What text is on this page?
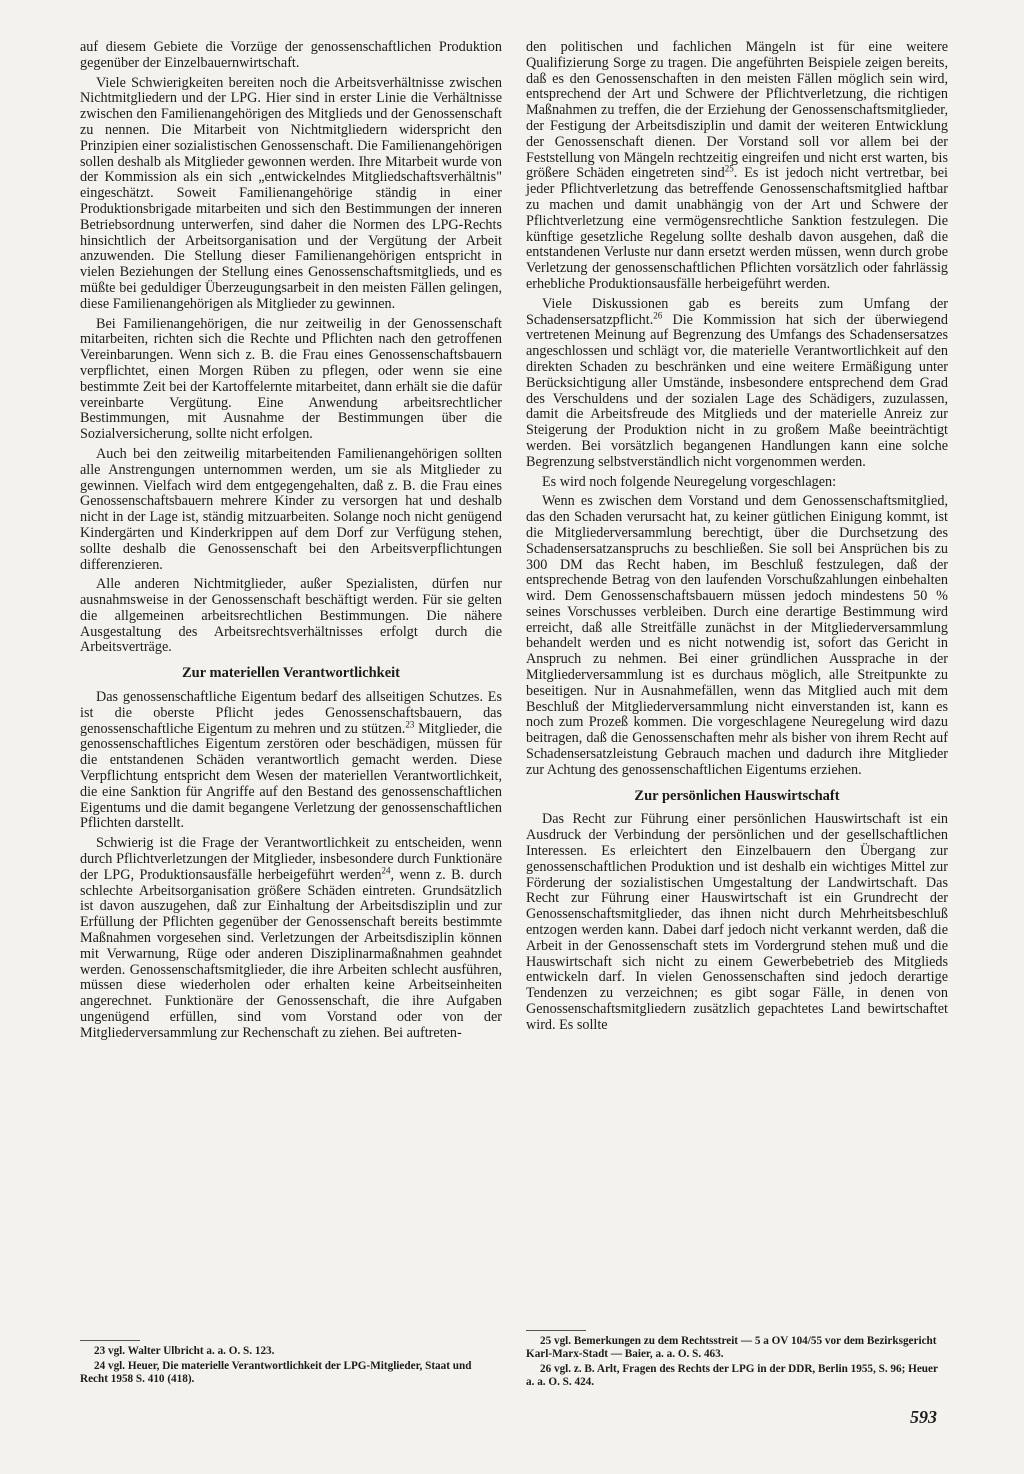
auf diesem Gebiete die Vorzüge der genossenschaftlichen Produktion gegenüber der Einzelbauernwirtschaft.

Viele Schwierigkeiten bereiten noch die Arbeitsverhältnisse zwischen Nichtmitgliedern und der LPG. Hier sind in erster Linie die Verhältnisse zwischen den Familienangehörigen des Mitglieds und der Genossenschaft zu nennen. Die Mitarbeit von Nichtmitgliedern widerspricht den Prinzipien einer sozialistischen Genossenschaft. Die Familienangehörigen sollen deshalb als Mitglieder gewonnen werden. Ihre Mitarbeit wurde von der Kommission als ein sich „entwickelndes Mitgliedschaftsverhältnis" eingeschätzt. Soweit Familienangehörige ständig in einer Produktionsbrigade mitarbeiten und sich den Bestimmungen der inneren Betriebsordnung unterwerfen, sind daher die Normen des LPG-Rechts hinsichtlich der Arbeitsorganisation und der Vergütung der Arbeit anzuwenden. Die Stellung dieser Familienangehörigen entspricht in vielen Beziehungen der Stellung eines Genossenschaftsmitglieds, und es müßte bei geduldiger Überzeugungsarbeit in den meisten Fällen gelingen, diese Familienangehörigen als Mitglieder zu gewinnen.

Bei Familienangehörigen, die nur zeitweilig in der Genossenschaft mitarbeiten, richten sich die Rechte und Pflichten nach den getroffenen Vereinbarungen. Wenn sich z. B. die Frau eines Genossenschaftsbauern verpflichtet, einen Morgen Rüben zu pflegen, oder wenn sie eine bestimmte Zeit bei der Kartoffelernte mitarbeitet, dann erhält sie die dafür vereinbarte Vergütung. Eine Anwendung arbeitsrechtlicher Bestimmungen, mit Ausnahme der Bestimmungen über die Sozialversicherung, sollte nicht erfolgen.

Auch bei den zeitweilig mitarbeitenden Familienangehörigen sollten alle Anstrengungen unternommen werden, um sie als Mitglieder zu gewinnen. Vielfach wird dem entgegengehalten, daß z. B. die Frau eines Genossenschaftsbauern mehrere Kinder zu versorgen hat und deshalb nicht in der Lage ist, ständig mitzuarbeiten. Solange noch nicht genügend Kindergärten und Kinderkrippen auf dem Dorf zur Verfügung stehen, sollte deshalb die Genossenschaft bei den Arbeitsverpflichtungen differenzieren.

Alle anderen Nichtmitglieder, außer Spezialisten, dürfen nur ausnahmsweise in der Genossenschaft beschäftigt werden. Für sie gelten die allgemeinen arbeitsrechtlichen Bestimmungen. Die nähere Ausgestaltung des Arbeitsrechtsverhältnisses erfolgt durch die Arbeitsverträge.

Zur materiellen Verantwortlichkeit

Das genossenschaftliche Eigentum bedarf des allseitigen Schutzes. Es ist die oberste Pflicht jedes Genossenschaftsbauern, das genossenschaftliche Eigentum zu mehren und zu stützen.$^{23}$ Mitglieder, die genossenschaftliches Eigentum zerstören oder beschädigen, müssen für die entstandenen Schäden verantwortlich gemacht werden. Diese Verpflichtung entspricht dem Wesen der materiellen Verantwortlichkeit, die eine Sanktion für Angriffe auf den Bestand des genossenschaftlichen Eigentums und die damit begangene Verletzung der genossenschaftlichen Pflichten darstellt.

Schwierig ist die Frage der Verantwortlichkeit zu entscheiden, wenn durch Pflichtverletzungen der Mitglieder, insbesondere durch Funktionäre der LPG, Produktionsausfälle herbeigeführt werden$^{24}$, wenn z. B. durch schlechte Arbeitsorganisation größere Schäden eintreten. Grundsätzlich ist davon auszugehen, daß zur Einhaltung der Arbeitsdisziplin und zur Erfüllung der Pflichten gegenüber der Genossenschaft bereits bestimmte Maßnahmen vorgesehen sind. Verletzungen der Arbeitsdisziplin können mit Verwarnung, Rüge oder anderen Disziplinarmaßnahmen geahndet werden. Genossenschaftsmitglieder, die ihre Arbeiten schlecht ausführen, müssen diese wiederholen oder erhalten keine Arbeitseinheiten angerechnet. Funktionäre der Genossenschaft, die ihre Aufgaben ungenügend erfüllen, sind vom Vorstand oder von der Mitgliederversammlung zur Rechenschaft zu ziehen. Bei auftreten-

den politischen und fachlichen Mängeln ist für eine weitere Qualifizierung Sorge zu tragen. Die angeführten Beispiele zeigen bereits, daß es den Genossenschaften in den meisten Fällen möglich sein wird, entsprechend der Art und Schwere der Pflichtverletzung, die richtigen Maßnahmen zu treffen, die der Erziehung der Genossenschaftsmitglieder, der Festigung der Arbeitsdisziplin und damit der weiteren Entwicklung der Genossenschaft dienen. Der Vorstand soll vor allem bei der Feststellung von Mängeln rechtzeitig eingreifen und nicht erst warten, bis größere Schäden eingetreten sind$^{25}$. Es ist jedoch nicht vertretbar, bei jeder Pflichtverletzung das betreffende Genossenschaftsmitglied haftbar zu machen und damit unabhängig von der Art und Schwere der Pflichtverletzung eine vermögensrechtliche Sanktion festzulegen. Die künftige gesetzliche Regelung sollte deshalb davon ausgehen, daß die entstandenen Verluste nur dann ersetzt werden müssen, wenn durch grobe Verletzung der genossenschaftlichen Pflichten vorsätzlich oder fahrlässig erhebliche Produktionsausfälle herbeigeführt werden.

Viele Diskussionen gab es bereits zum Umfang der Schadensersatzpflicht.$^{26}$ Die Kommission hat sich der überwiegend vertretenen Meinung auf Begrenzung des Umfangs des Schadensersatzes angeschlossen und schlägt vor, die materielle Verantwortlichkeit auf den direkten Schaden zu beschränken und eine weitere Ermäßigung unter Berücksichtigung aller Umstände, insbesondere entsprechend dem Grad des Verschuldens und der sozialen Lage des Schädigers, zuzulassen, damit die Arbeitsfreude des Mitglieds und der materielle Anreiz zur Steigerung der Produktion nicht in zu großem Maße beeinträchtigt werden. Bei vorsätzlich begangenen Handlungen kann eine solche Begrenzung selbstverständlich nicht vorgenommen werden.

Es wird noch folgende Neuregelung vorgeschlagen:

Wenn es zwischen dem Vorstand und dem Genossenschaftsmitglied, das den Schaden verursacht hat, zu keiner gütlichen Einigung kommt, ist die Mitgliederversammlung berechtigt, über die Durchsetzung des Schadensersatzanspruchs zu beschließen. Sie soll bei Ansprüchen bis zu 300 DM das Recht haben, im Beschluß festzulegen, daß der entsprechende Betrag von den laufenden Vorschußzahlungen einbehalten wird. Dem Genossenschaftsbauern müssen jedoch mindestens 50 % seines Vorschusses verbleiben. Durch eine derartige Bestimmung wird erreicht, daß alle Streitfälle zunächst in der Mitgliederversammlung behandelt werden und es nicht notwendig ist, sofort das Gericht in Anspruch zu nehmen. Bei einer gründlichen Aussprache in der Mitgliederversammlung ist es durchaus möglich, alle Streitpunkte zu beseitigen. Nur in Ausnahmefällen, wenn das Mitglied auch mit dem Beschluß der Mitgliederversammlung nicht einverstanden ist, kann es noch zum Prozeß kommen. Die vorgeschlagene Neuregelung wird dazu beitragen, daß die Genossenschaften mehr als bisher von ihrem Recht auf Schadensersatzleistung Gebrauch machen und dadurch ihre Mitglieder zur Achtung des genossenschaftlichen Eigentums erziehen.

Zur persönlichen Hauswirtschaft

Das Recht zur Führung einer persönlichen Hauswirtschaft ist ein Ausdruck der Verbindung der persönlichen und der gesellschaftlichen Interessen. Es erleichtert den Einzelbauern den Übergang zur genossenschaftlichen Produktion und ist deshalb ein wichtiges Mittel zur Förderung der sozialistischen Umgestaltung der Landwirtschaft. Das Recht zur Führung einer Hauswirtschaft ist ein Grundrecht der Genossenschaftsmitglieder, das ihnen nicht durch Mehrheitsbeschluß entzogen werden kann. Dabei darf jedoch nicht verkannt werden, daß die Arbeit in der Genossenschaft stets im Vordergrund stehen muß und die Hauswirtschaft sich nicht zu einem Gewerbebetrieb des Mitglieds entwickeln darf. In vielen Genossenschaften sind jedoch derartige Tendenzen zu verzeichnen; es gibt sogar Fälle, in denen von Genossenschaftsmitgliedern zusätzlich gepachtetes Land bewirtschaftet wird. Es sollte

23 vgl. Walter Ulbricht a. a. O. S. 123.

24 vgl. Heuer, Die materielle Verantwortlichkeit der LPG-Mitglieder, Staat und Recht 1958 S. 410 (418).

25 vgl. Bemerkungen zu dem Rechtsstreit — 5 a OV 104/55 vor dem Bezirksgericht Karl-Marx-Stadt — Baier, a. a. O. S. 463.

26 vgl. z. B. Arlt, Fragen des Rechts der LPG in der DDR, Berlin 1955, S. 96; Heuer a. a. O. S. 424.

593
